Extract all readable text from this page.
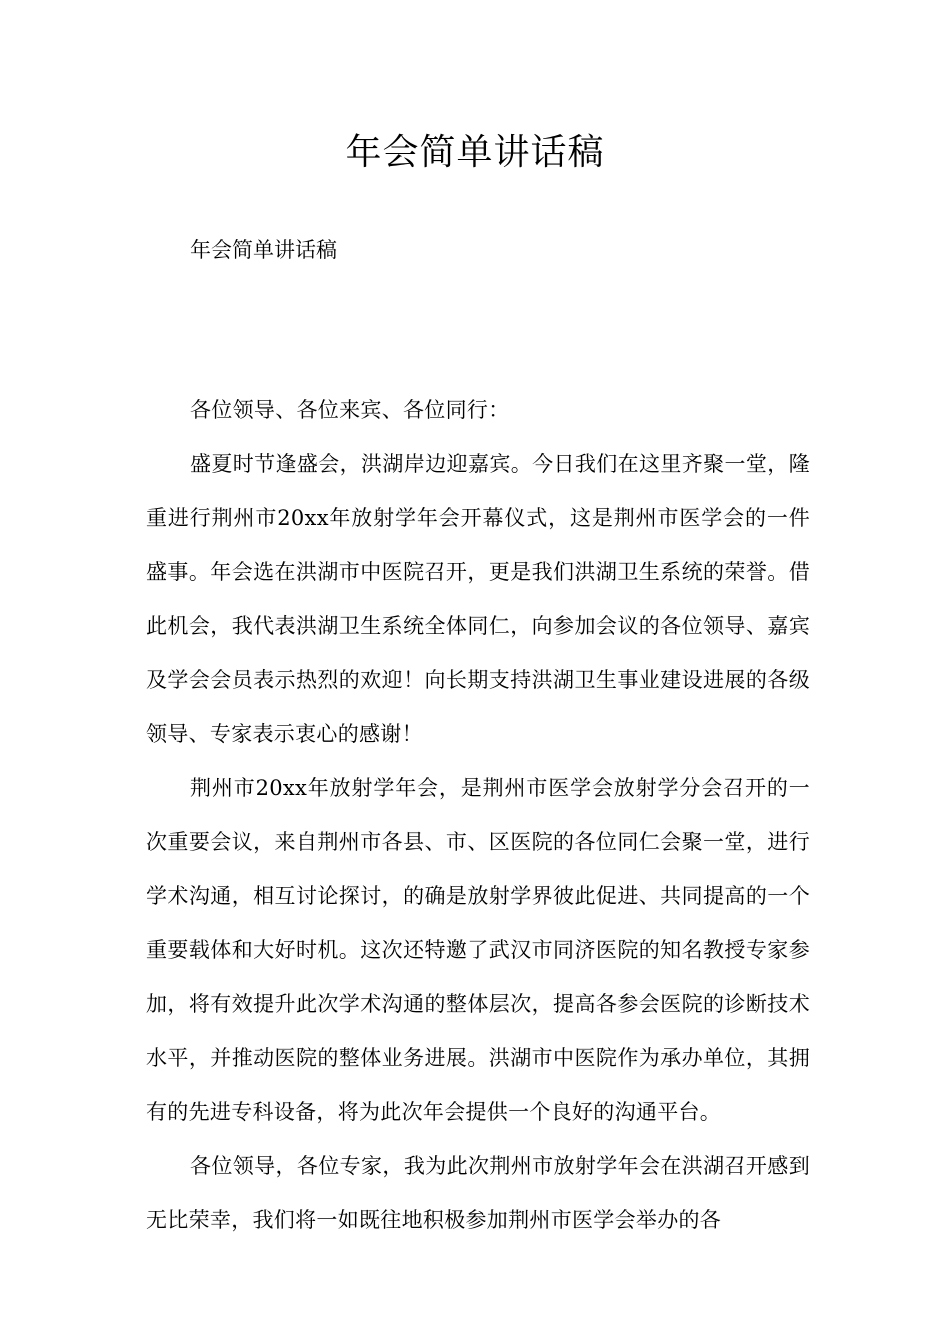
年会简单讲话稿
年会简单讲话稿

各位领导、各位来宾、各位同行：

盛夏时节逢盛会，洪湖岸边迎嘉宾。今日我们在这里齐聚一堂，隆重进行荆州市20xx年放射学年会开幕仪式，这是荆州市医学会的一件盛事。年会选在洪湖市中医院召开，更是我们洪湖卫生系统的荣誉。借此机会，我代表洪湖卫生系统全体同仁，向参加会议的各位领导、嘉宾及学会会员表示热烈的欢迎！向长期支持洪湖卫生事业建设进展的各级领导、专家表示衷心的感谢！

荆州市20xx年放射学年会，是荆州市医学会放射学分会召开的一次重要会议，来自荆州市各县、市、区医院的各位同仁会聚一堂，进行学术沟通，相互讨论探讨，的确是放射学界彼此促进、共同提高的一个重要载体和大好时机。这次还特邀了武汉市同济医院的知名教授专家参加，将有效提升此次学术沟通的整体层次，提高各参会医院的诊断技术水平，并推动医院的整体业务进展。洪湖市中医院作为承办单位，其拥有的先进专科设备，将为此次年会提供一个良好的沟通平台。

各位领导，各位专家，我为此次荆州市放射学年会在洪湖召开感到无比荣幸，我们将一如既往地积极参加荆州市医学会举办的各
